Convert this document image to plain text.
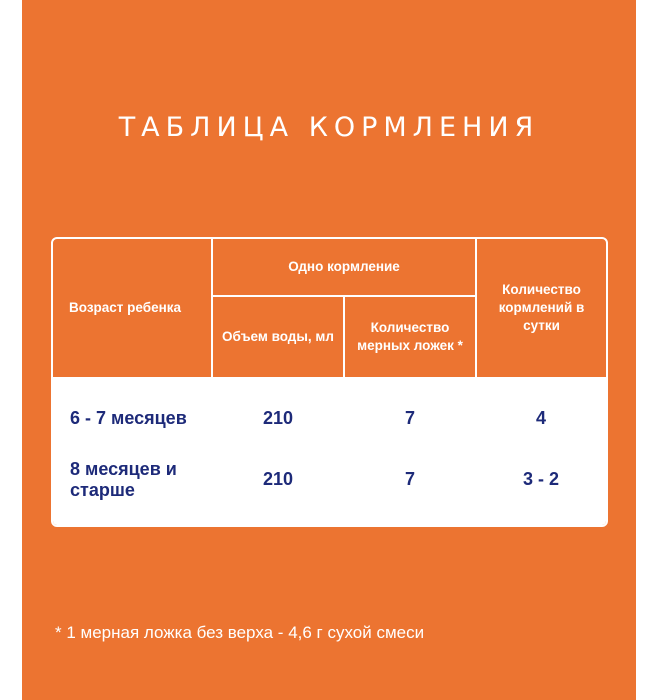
ТАБЛИЦА КОРМЛЕНИЯ
Возраст ребенка	Одно кормление		Количество кормлений в сутки
	Объем воды, мл	Количество мерных ложек *	
6 - 7 месяцев	210	7	4
8 месяцев и старше	210	7	3 - 2
* 1 мерная ложка без верха - 4,6 г сухой смеси
